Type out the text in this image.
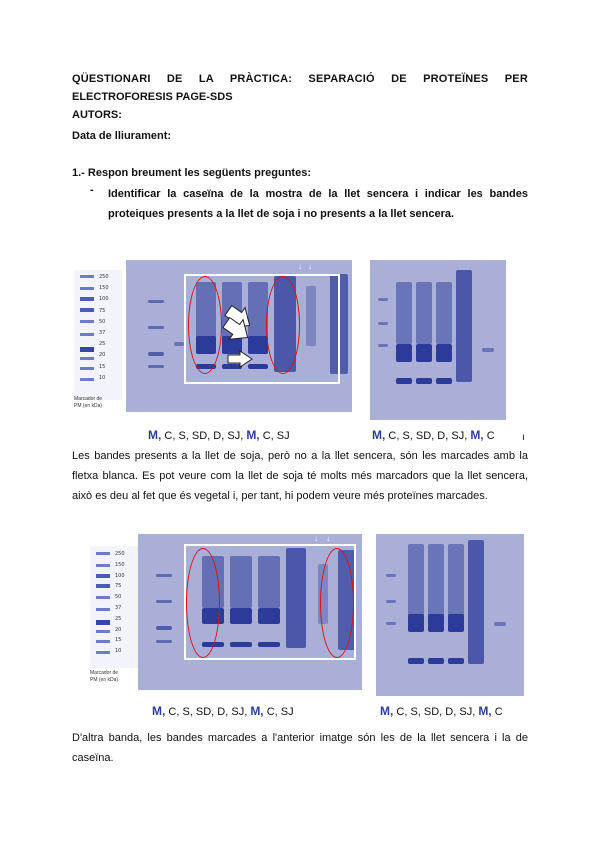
QÜESTIONARI DE LA PRÀCTICA: SEPARACIÓ DE PROTEÏNES PER
ELECTROFORESIS PAGE-SDS
AUTORS:
Data de lliurament:
1.- Respon breument les següents preguntes:
- Identificar la caseïna de la mostra de la llet sencera i indicar les bandes proteiques presents a la llet de soja i no presents a la llet sencera.
250
150
100
75
50
37
25
20
15
10
Marcador de
PM (en kDa)
↓ ↓
M, C, S, SD, D, SJ, M, C, SJ	M, C, S, SD, D, SJ, M, C	ı
Les bandes presents a la llet de soja, però no a la llet sencera, són les marcades amb la fletxa blanca. Es pot veure com la llet de soja té molts més marcadors que la llet sencera, això es deu al fet que és vegetal i, per tant, hi podem veure més proteïnes marcades.
250
150
100
75
50
37
25
20
15
10
Marcador de
PM (en kDa)
↓ ↓
M, C, S, SD, D, SJ, M, C, SJ	M, C, S, SD, D, SJ, M, C
D'altra banda, les bandes marcades a l'anterior imatge són les de la llet sencera i la de caseïna.
